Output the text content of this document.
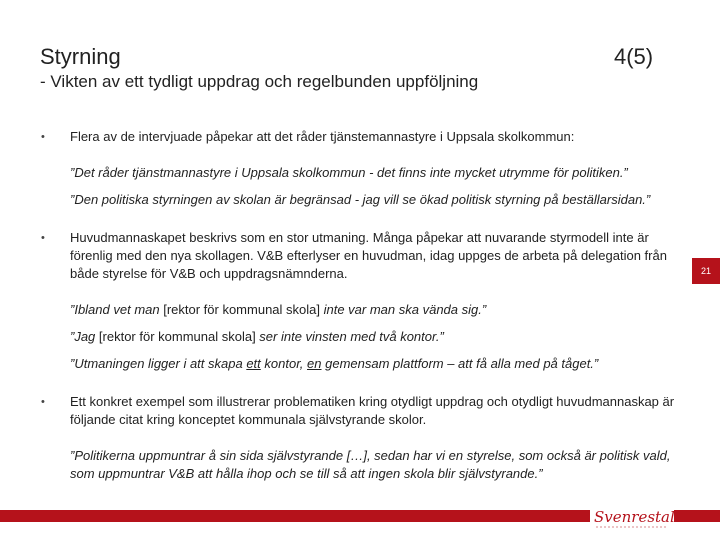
Styrning	4(5)
- Vikten av ett tydligt uppdrag och regelbunden uppföljning
• Flera av de intervjuade påpekar att det råder tjänstemannastyre i Uppsala skolkommun:
”Det råder tjänstmannastyre i Uppsala skolkommun - det finns inte mycket utrymme för politiken.”
”Den politiska styrningen av skolan är begränsad - jag vill se ökad politisk styrning på beställarsidan.”
• Huvudmannaskapet beskrivs som en stor utmaning. Många påpekar att nuvarande styrmodell inte är förenlig med den nya skollagen. V&B efterlyser en huvudman, idag uppges de arbeta på delegation från både styrelse för V&B och uppdragsnämnderna.
”Ibland vet man [rektor för kommunal skola] inte var man ska vända sig.”
”Jag [rektor för kommunal skola] ser inte vinsten med två kontor.”
”Utmaningen ligger i att skapa ett kontor, en gemensam plattform – att få alla med på tåget.”
• Ett konkret exempel som illustrerar problematiken kring otydligt uppdrag och otydligt huvudmannaskap är följande citat kring konceptet kommunala självstyrande skolor.
”Politikerna uppmuntrar å sin sida självstyrande […], sedan har vi en styrelse, som också är politisk vald, som uppmuntrar V&B att hålla ihop och se till så att ingen skola blir självstyrande.”
21
Svenrestal
